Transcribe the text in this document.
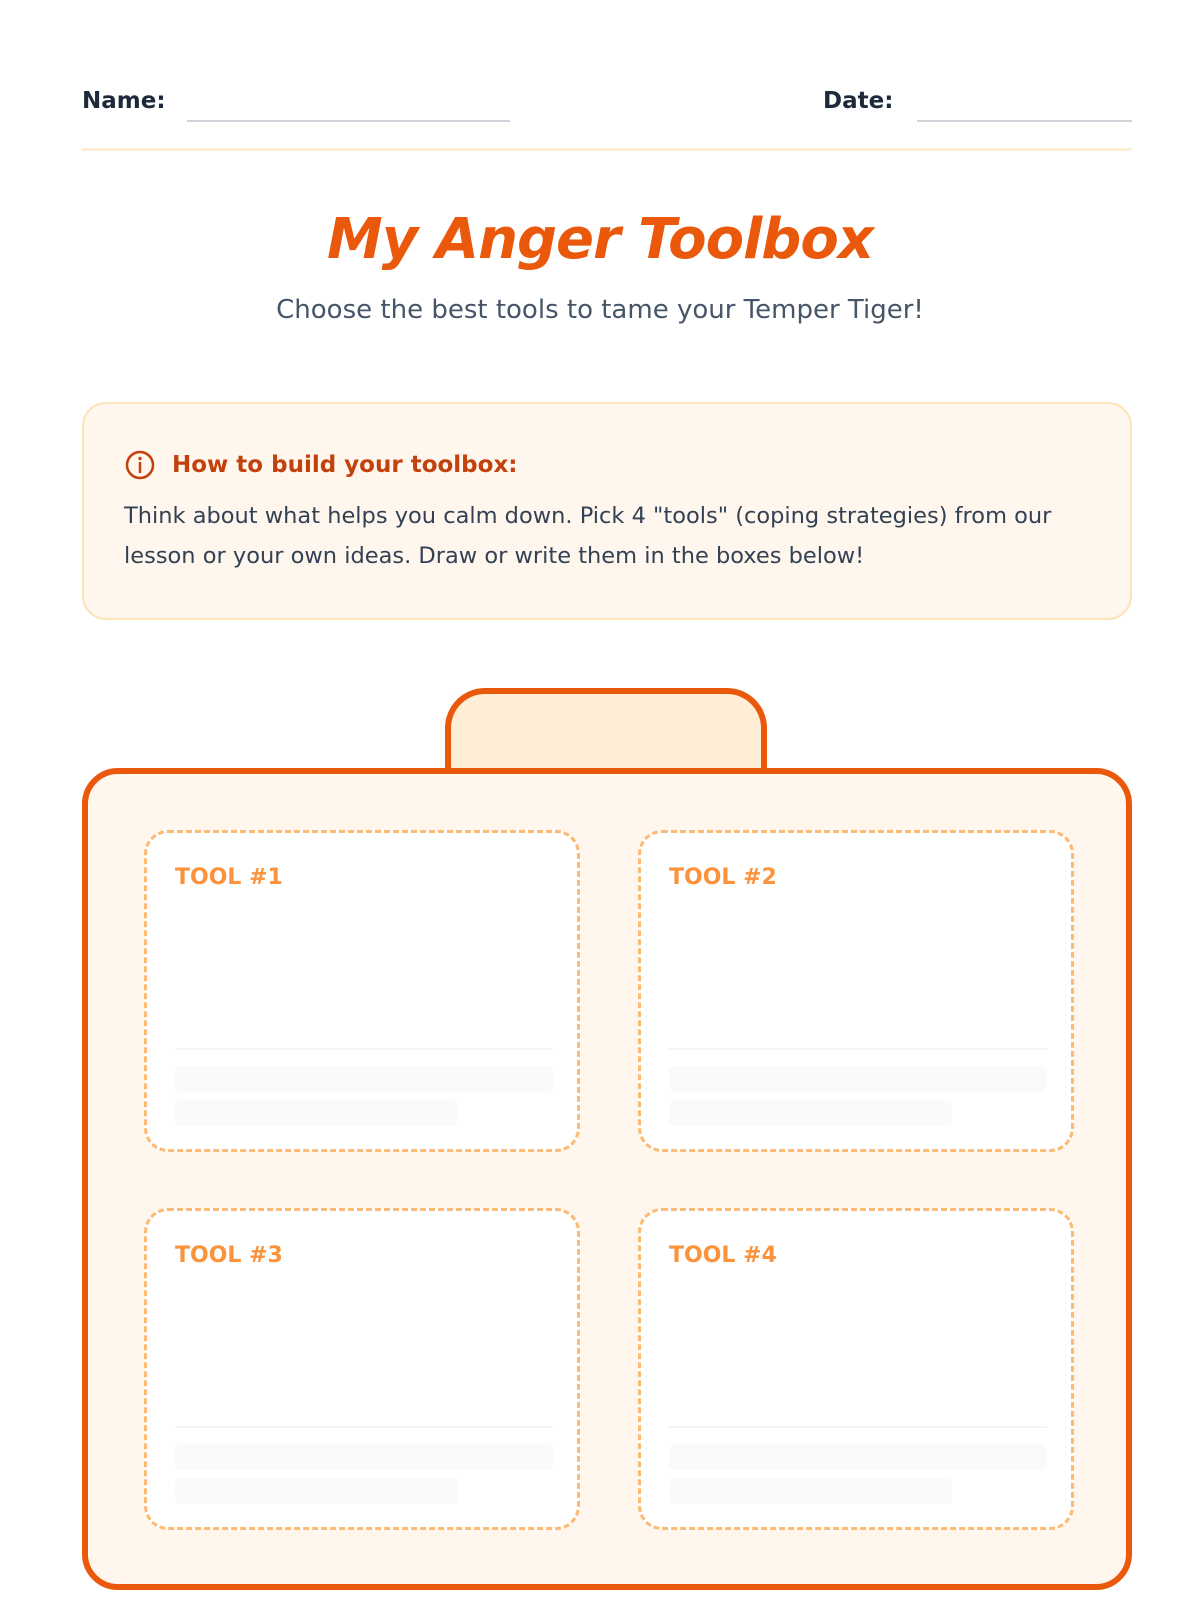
Name:	Date:
My Anger Toolbox

Choose the best tools to tame your Temper Tiger!

How to build your toolbox:

Think about what helps you calm down. Pick 4 "tools" (coping strategies) from our lesson or your own ideas. Draw or write them in the boxes below!

TOOL #1	TOOL #2
TOOL #3	TOOL #4
